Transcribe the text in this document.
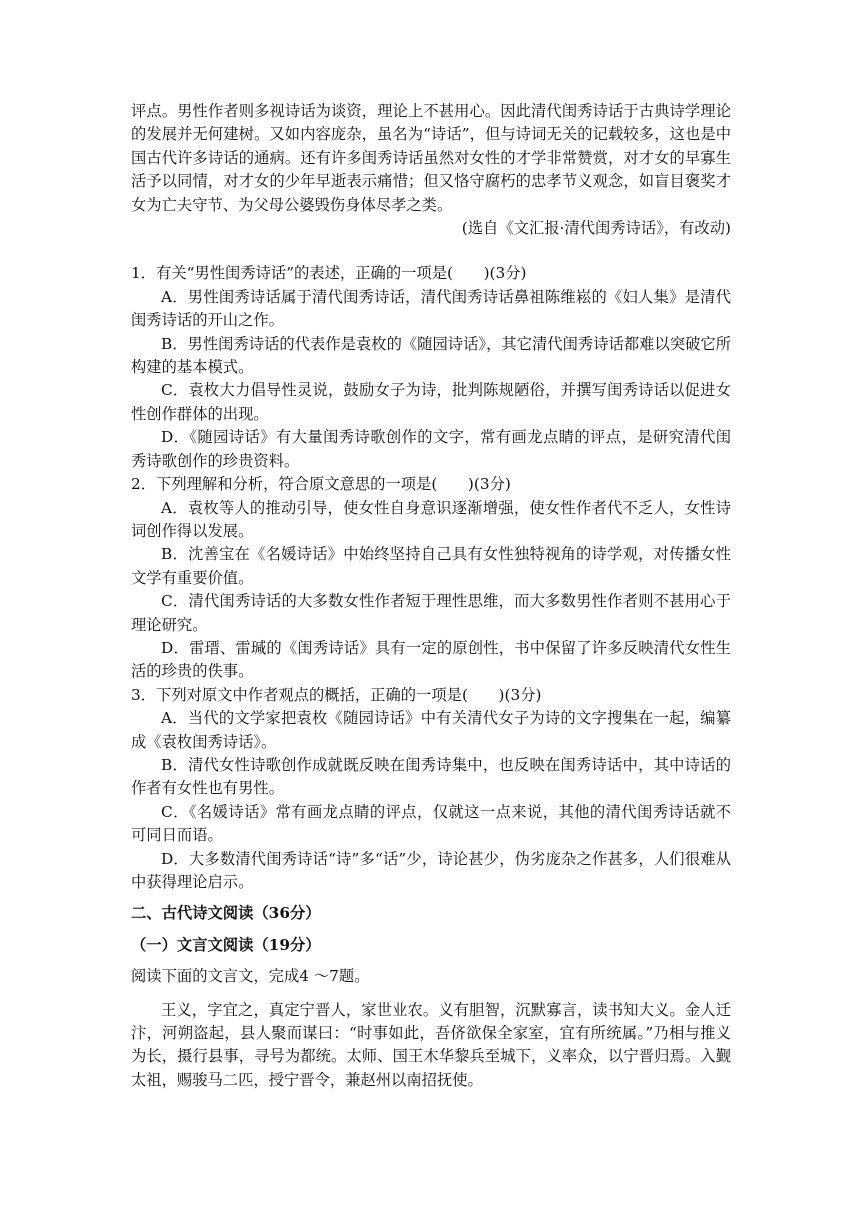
评点。男性作者则多视诗话为谈资，理论上不甚用心。因此清代闺秀诗话于古典诗学理论的发展并无何建树。又如内容庞杂，虽名为“诗话”，但与诗词无关的记载较多，这也是中国古代许多诗话的通病。还有许多闺秀诗话虽然对女性的才学非常赞赏，对才女的早寡生活予以同情，对才女的少年早逝表示痛惜；但又恪守腐朽的忠孝节义观念，如盲目褒奖才女为亡夫守节、为父母公婆毁伤身体尽孝之类。

(选自《文汇报·清代闺秀诗话》，有改动)

1．有关“男性闺秀诗话”的表述，正确的一项是(　　)(3分)

A．男性闺秀诗话属于清代闺秀诗话，清代闺秀诗话鼻祖陈维崧的《妇人集》是清代闺秀诗话的开山之作。

B．男性闺秀诗话的代表作是袁枚的《随园诗话》，其它清代闺秀诗话都难以突破它所构建的基本模式。

C．袁枚大力倡导性灵说，鼓励女子为诗，批判陈规陋俗，并撰写闺秀诗话以促进女性创作群体的出现。

D．《随园诗话》有大量闺秀诗歌创作的文字，常有画龙点睛的评点，是研究清代闺秀诗歌创作的珍贵资料。

2．下列理解和分析，符合原文意思的一项是(　　)(3分)

A．袁枚等人的推动引导，使女性自身意识逐渐增强，使女性作者代不乏人，女性诗词创作得以发展。

B．沈善宝在《名媛诗话》中始终坚持自己具有女性独特视角的诗学观，对传播女性文学有重要价值。

C．清代闺秀诗话的大多数女性作者短于理性思维，而大多数男性作者则不甚用心于理论研究。

D．雷瑨、雷瑊的《闺秀诗话》具有一定的原创性，书中保留了许多反映清代女性生活的珍贵的佚事。

3．下列对原文中作者观点的概括，正确的一项是(　　)(3分)

A．当代的文学家把袁枚《随园诗话》中有关清代女子为诗的文字搜集在一起，编纂成《袁枚闺秀诗话》。

B．清代女性诗歌创作成就既反映在闺秀诗集中，也反映在闺秀诗话中，其中诗话的作者有女性也有男性。

C．《名媛诗话》常有画龙点睛的评点，仅就这一点来说，其他的清代闺秀诗话就不可同日而语。

D．大多数清代闺秀诗话“诗”多“话”少，诗论甚少，伪劣庞杂之作甚多，人们很难从中获得理论启示。

二、古代诗文阅读（36分）

（一）文言文阅读（19分）

阅读下面的文言文，完成4 ～7题。

王义，字宜之，真定宁晋人，家世业农。义有胆智，沉默寡言，读书知大义。金人迁汴，河朔盗起，县人聚而谋曰：“时事如此，吾侪欲保全家室，宜有所统属。”乃相与推义为长，摄行县事，寻号为都统。太师、国王木华黎兵至城下，义率众，以宁晋归焉。入觐太祖，赐骏马二匹，授宁晋令，兼赵州以南招抚使。
